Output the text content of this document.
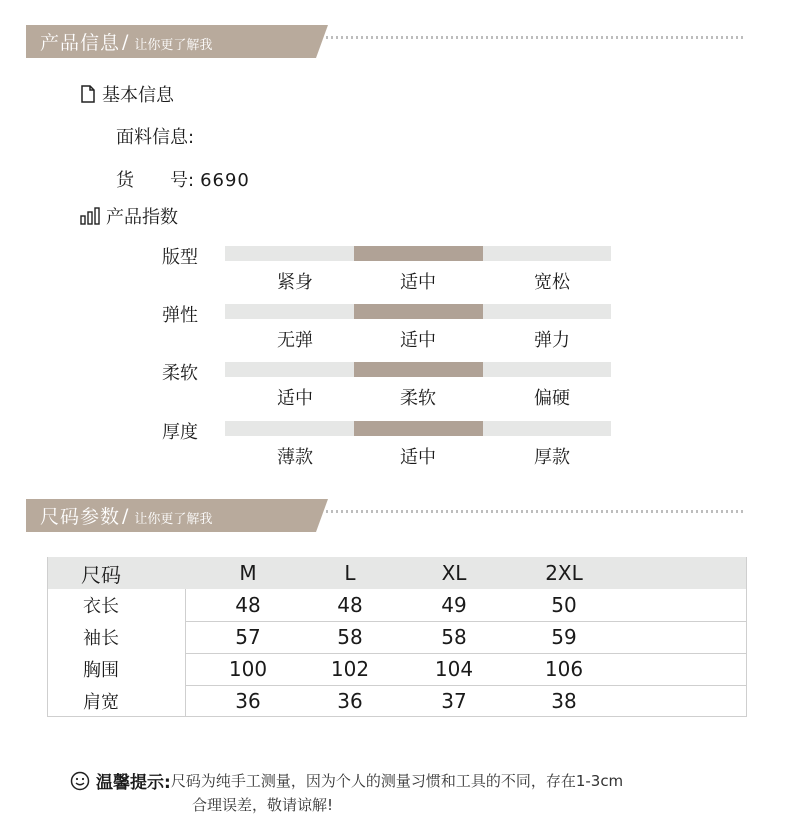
产品信息 / 让你更了解我
基本信息
面料信息:
货　　号: 6690
产品指数
版型
紧身	适中	宽松
弹性
无弹	适中	弹力
柔软
适中	柔软	偏硬
厚度
薄款	适中	厚款
尺码参数 / 让你更了解我
尺码	M	L	XL	2XL
衣长	48	48	49	50
袖长	57	58	58	59
胸围	100	102	104	106
肩宽	36	36	37	38
温馨提示: 尺码为纯手工测量，因为个人的测量习惯和工具的不同，存在1-3cm
合理误差，敬请谅解!
